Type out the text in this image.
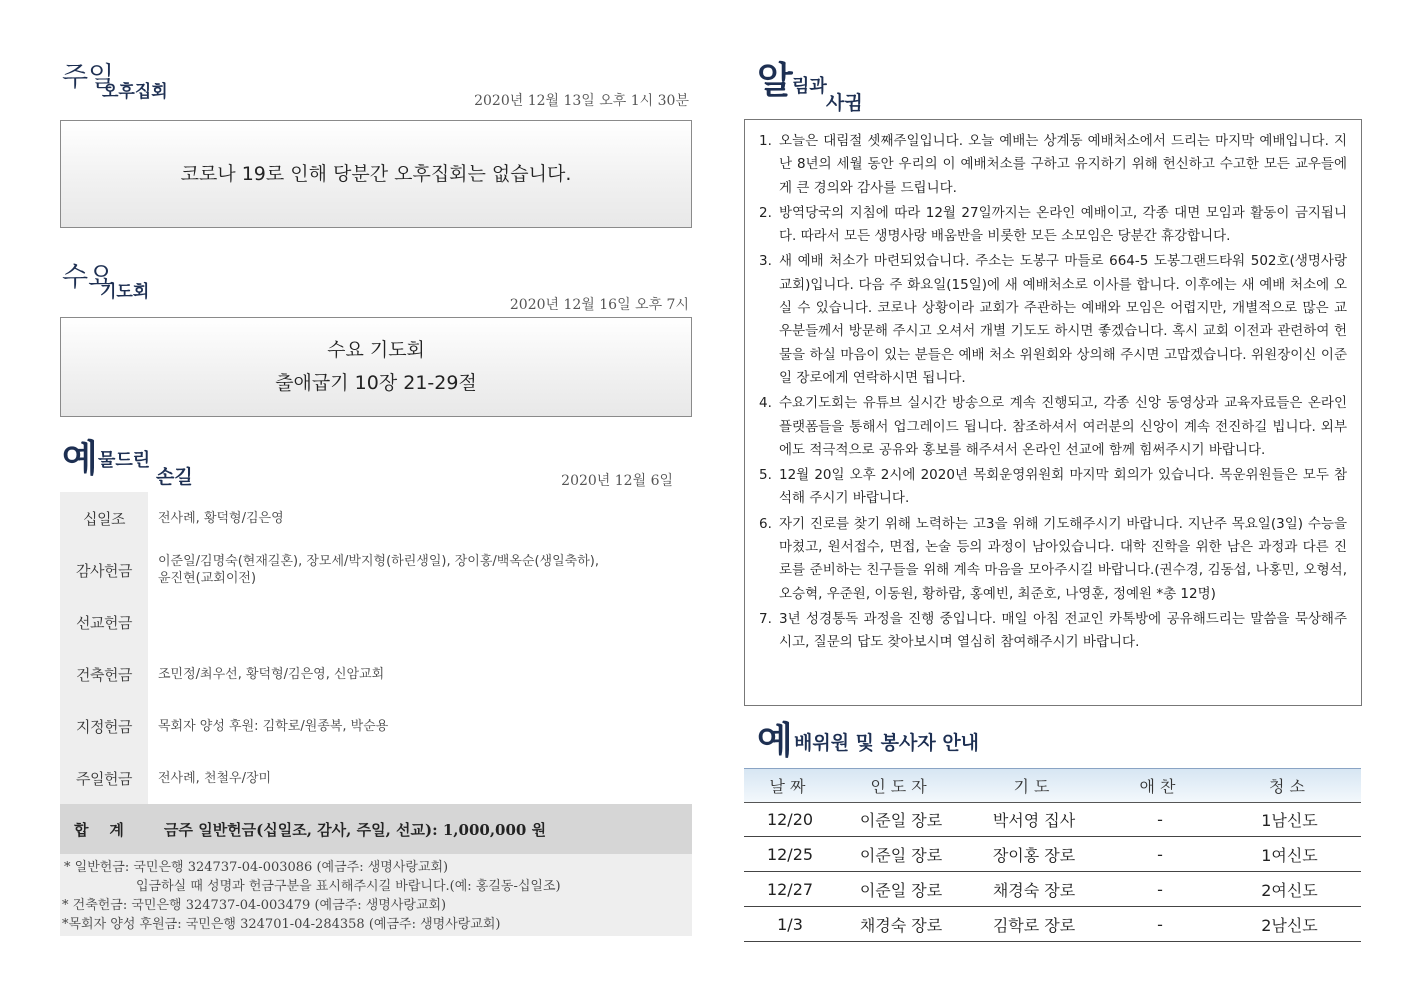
주일
오후집회	2020년 12월 13일 오후 1시 30분
코로나 19로 인해 당분간 오후집회는 없습니다.
수요
기도회
2020년 12월 16일 오후 7시
수요 기도회
출애굽기 10장 21-29절
예 물드린
손길	2020년 12월 6일
십일조	전사례, 황덕형/김은영
감사헌금	이준일/김명숙(현재길혼), 장모세/박지형(하린생일), 장이홍/백옥순(생일축하),
윤진현(교회이전)
선교헌금
건축헌금	조민정/최우선, 황덕형/김은영, 신암교회
지정헌금	목회자 양성 후원: 김학로/원종복, 박순용
주일헌금	전사례, 천철우/장미
합    계	금주 일반헌금(십일조, 감사, 주일, 선교): 1,000,000 원
* 일반헌금: 국민은행 324737-04-003086 (예금주: 생명사랑교회)
입금하실 때 성명과 헌금구분을 표시해주시길 바랍니다.(예: 홍길동-십일조)
* 건축헌금: 국민은행 324737-04-003479 (예금주: 생명사랑교회)
*목회자 양성 후원금: 국민은행 324701-04-284358 (예금주: 생명사랑교회)
알 림과
사귐
1. 오늘은 대림절 셋째주일입니다. 오늘 예배는 상계동 예배처소에서 드리는 마지막 예배입니다. 지난 8년의 세월 동안 우리의 이 예배처소를 구하고 유지하기 위해 헌신하고 수고한 모든 교우들에게 큰 경의와 감사를 드립니다.
2. 방역당국의 지침에 따라 12월 27일까지는 온라인 예배이고, 각종 대면 모임과 활동이 금지됩니다. 따라서 모든 생명사랑 배움반을 비롯한 모든 소모임은 당분간 휴강합니다.
3. 새 예배 처소가 마련되었습니다. 주소는 도봉구 마들로 664-5 도봉그랜드타워 502호(생명사랑교회)입니다. 다음 주 화요일(15일)에 새 예배처소로 이사를 합니다. 이후에는 새 예배 처소에 오실 수 있습니다. 코로나 상황이라 교회가 주관하는 예배와 모임은 어렵지만, 개별적으로 많은 교우분들께서 방문해 주시고 오셔서 개별 기도도 하시면 좋겠습니다. 혹시 교회 이전과 관련하여 헌물을 하실 마음이 있는 분들은 예배 처소 위원회와 상의해 주시면 고맙겠습니다. 위원장이신 이준일 장로에게 연락하시면 됩니다.
4. 수요기도회는 유튜브 실시간 방송으로 계속 진행되고, 각종 신앙 동영상과 교육자료들은 온라인 플랫폼들을 통해서 업그레이드 됩니다. 참조하셔서 여러분의 신앙이 계속 전진하길 빕니다. 외부에도 적극적으로 공유와 홍보를 해주셔서 온라인 선교에 함께 힘써주시기 바랍니다.
5. 12월 20일 오후 2시에 2020년 목회운영위원회 마지막 회의가 있습니다. 목운위원들은 모두 참석해 주시기 바랍니다.
6. 자기 진로를 찾기 위해 노력하는 고3을 위해 기도해주시기 바랍니다. 지난주 목요일(3일) 수능을 마쳤고, 원서접수, 면접, 논술 등의 과정이 남아있습니다. 대학 진학을 위한 남은 과정과 다른 진로를 준비하는 친구들을 위해 계속 마음을 모아주시길 바랍니다.(권수경, 김동섭, 나홍민, 오형석, 오승혁, 우준원, 이동원, 황하람, 홍예빈, 최준호, 나영훈, 정예원 *총 12명)
7. 3년 성경통독 과정을 진행 중입니다. 매일 아침 전교인 카톡방에 공유해드리는 말씀을 묵상해주시고, 질문의 답도 찾아보시며 열심히 참여해주시기 바랍니다.
예 배위원 및 봉사자 안내
날짜	인도자	기도	애찬	청소
12/20	이준일 장로	박서영 집사	-	1남신도
12/25	이준일 장로	장이홍 장로	-	1여신도
12/27	이준일 장로	채경숙 장로	-	2여신도
1/3	채경숙 장로	김학로 장로	-	2남신도
